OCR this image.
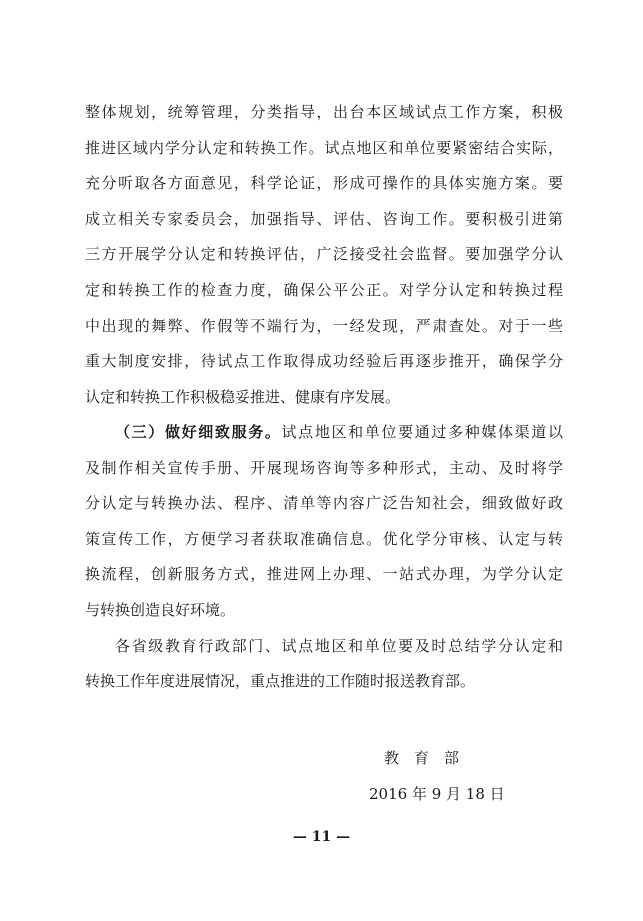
整体规划，统筹管理，分类指导，出台本区域试点工作方案，积极
推进区域内学分认定和转换工作。试点地区和单位要紧密结合实际，
充分听取各方面意见，科学论证，形成可操作的具体实施方案。要
成立相关专家委员会，加强指导、评估、咨询工作。要积极引进第
三方开展学分认定和转换评估，广泛接受社会监督。要加强学分认
定和转换工作的检查力度，确保公平公正。对学分认定和转换过程
中出现的舞弊、作假等不端行为，一经发现，严肃查处。对于一些
重大制度安排，待试点工作取得成功经验后再逐步推开，确保学分
认定和转换工作积极稳妥推进、健康有序发展。
（三）做好细致服务。试点地区和单位要通过多种媒体渠道以
及制作相关宣传手册、开展现场咨询等多种形式，主动、及时将学
分认定与转换办法、程序、清单等内容广泛告知社会，细致做好政
策宣传工作，方便学习者获取准确信息。优化学分审核、认定与转
换流程，创新服务方式，推进网上办理、一站式办理，为学分认定
与转换创造良好环境。
各省级教育行政部门、试点地区和单位要及时总结学分认定和
转换工作年度进展情况，重点推进的工作随时报送教育部。
教　育　部
2016 年 9 月 18 日
— 11 —
